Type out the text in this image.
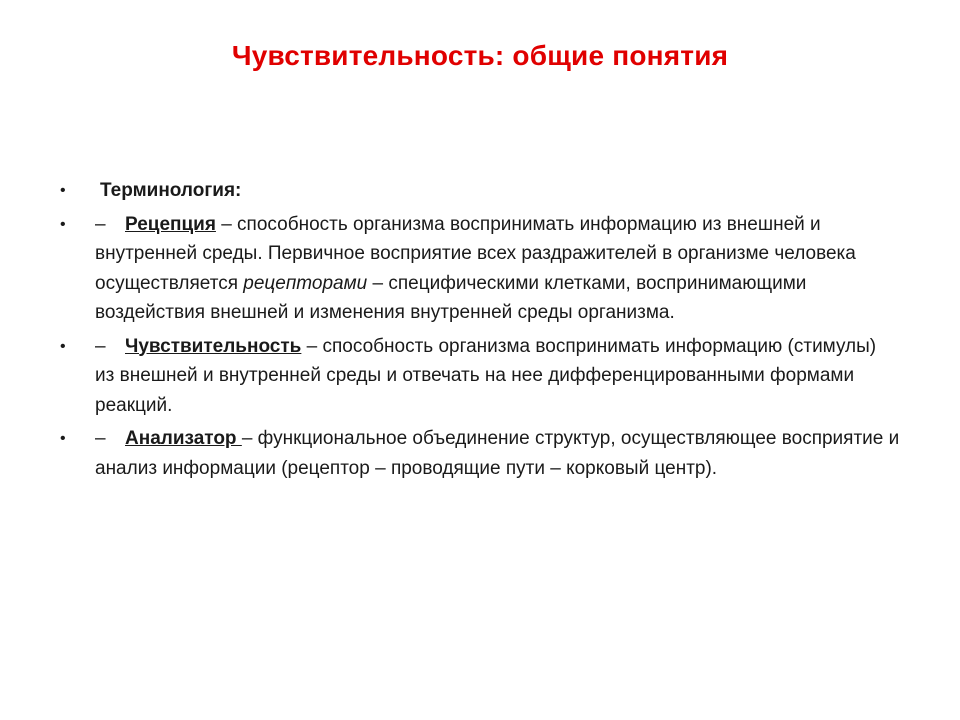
Чувствительность: общие понятия
•	Терминология:
•	– Рецепция – способность организма воспринимать информацию из внешней и внутренней среды. Первичное восприятие всех раздражителей в организме человека осуществляется рецепторами – специфическими клетками, воспринимающими воздействия внешней и изменения внутренней среды организма.
•	– Чувствительность – способность организма воспринимать информацию (стимулы) из внешней и внутренней среды и отвечать на нее дифференцированными формами реакций.
•	– Анализатор – функциональное объединение структур, осуществляющее восприятие и анализ информации (рецептор – проводящие пути – корковый центр).
